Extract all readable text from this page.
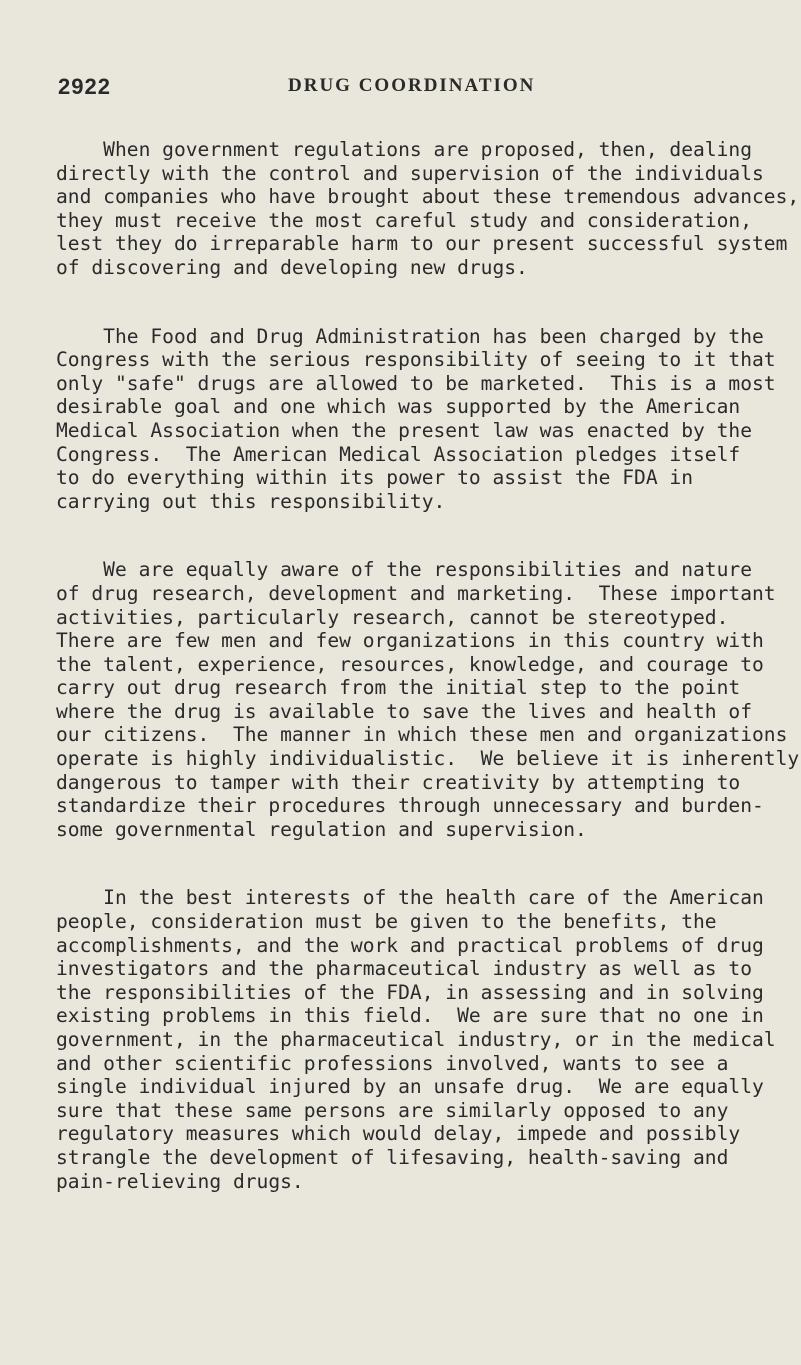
2922	DRUG COORDINATION

When government regulations are proposed, then, dealing
directly with the control and supervision of the individuals
and companies who have brought about these tremendous advances,
they must receive the most careful study and consideration,
lest they do irreparable harm to our present successful system
of discovering and developing new drugs.

The Food and Drug Administration has been charged by the
Congress with the serious responsibility of seeing to it that
only "safe" drugs are allowed to be marketed.  This is a most
desirable goal and one which was supported by the American
Medical Association when the present law was enacted by the
Congress.  The American Medical Association pledges itself
to do everything within its power to assist the FDA in
carrying out this responsibility.

We are equally aware of the responsibilities and nature
of drug research, development and marketing.  These important
activities, particularly research, cannot be stereotyped.
There are few men and few organizations in this country with
the talent, experience, resources, knowledge, and courage to
carry out drug research from the initial step to the point
where the drug is available to save the lives and health of
our citizens.  The manner in which these men and organizations
operate is highly individualistic.  We believe it is inherently
dangerous to tamper with their creativity by attempting to
standardize their procedures through unnecessary and burden-
some governmental regulation and supervision.

In the best interests of the health care of the American
people, consideration must be given to the benefits, the
accomplishments, and the work and practical problems of drug
investigators and the pharmaceutical industry as well as to
the responsibilities of the FDA, in assessing and in solving
existing problems in this field.  We are sure that no one in
government, in the pharmaceutical industry, or in the medical
and other scientific professions involved, wants to see a
single individual injured by an unsafe drug.  We are equally
sure that these same persons are similarly opposed to any
regulatory measures which would delay, impede and possibly
strangle the development of lifesaving, health-saving and
pain-relieving drugs.
